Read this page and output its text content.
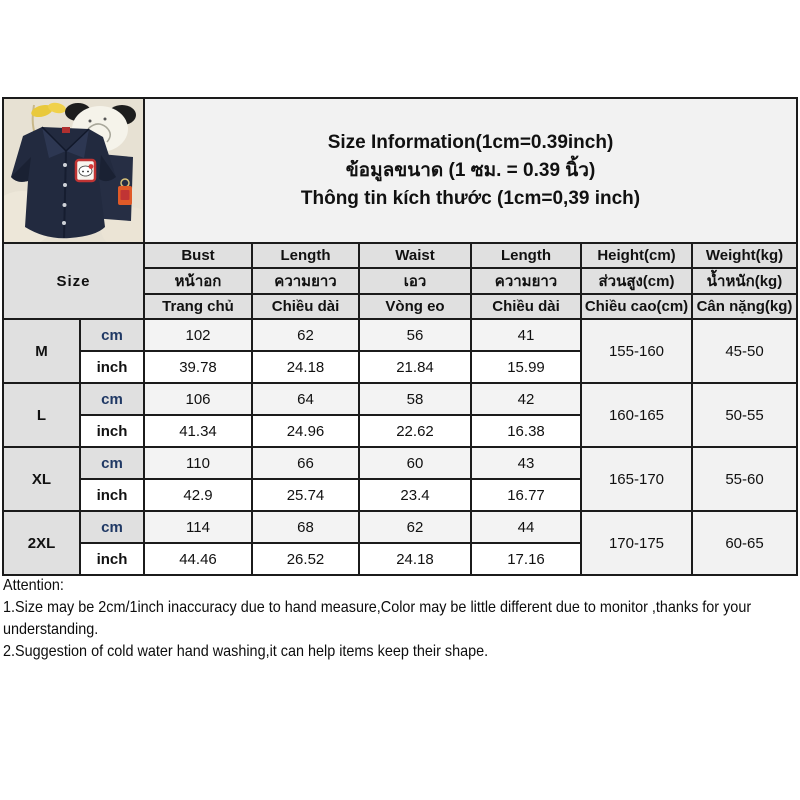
Size Information(1cm=0.39inch)
ข้อมูลขนาด (1 ซม. = 0.39 นิ้ว)
Thông tin kích thước (1cm=0,39 inch)					

Size		Bust	Length	Waist	Length	Height(cm)	Weight(kg)
		หน้าอก	ความยาว	เอว	ความยาว	ส่วนสูง(cm)	น้ำหนัก(kg)
		Trang chủ	Chiều dài	Vòng eo	Chiều dài	Chiều cao(cm)	Cân nặng(kg)
M	cm	102	62	56	41	155-160	45-50
	inch	39.78	24.18	21.84	15.99		
L	cm	106	64	58	42	160-165	50-55
	inch	41.34	24.96	22.62	16.38		
XL	cm	110	66	60	43	165-170	55-60
	inch	42.9	25.74	23.4	16.77		
2XL	cm	114	68	62	44	170-175	60-65
	inch	44.46	26.52	24.18	17.16		
Attention:
1.Size may be 2cm/1inch inaccuracy due to hand measure,Color may be little different due to monitor ,thanks for your understanding.
2.Suggestion of cold water hand washing,it can help items keep their shape.
